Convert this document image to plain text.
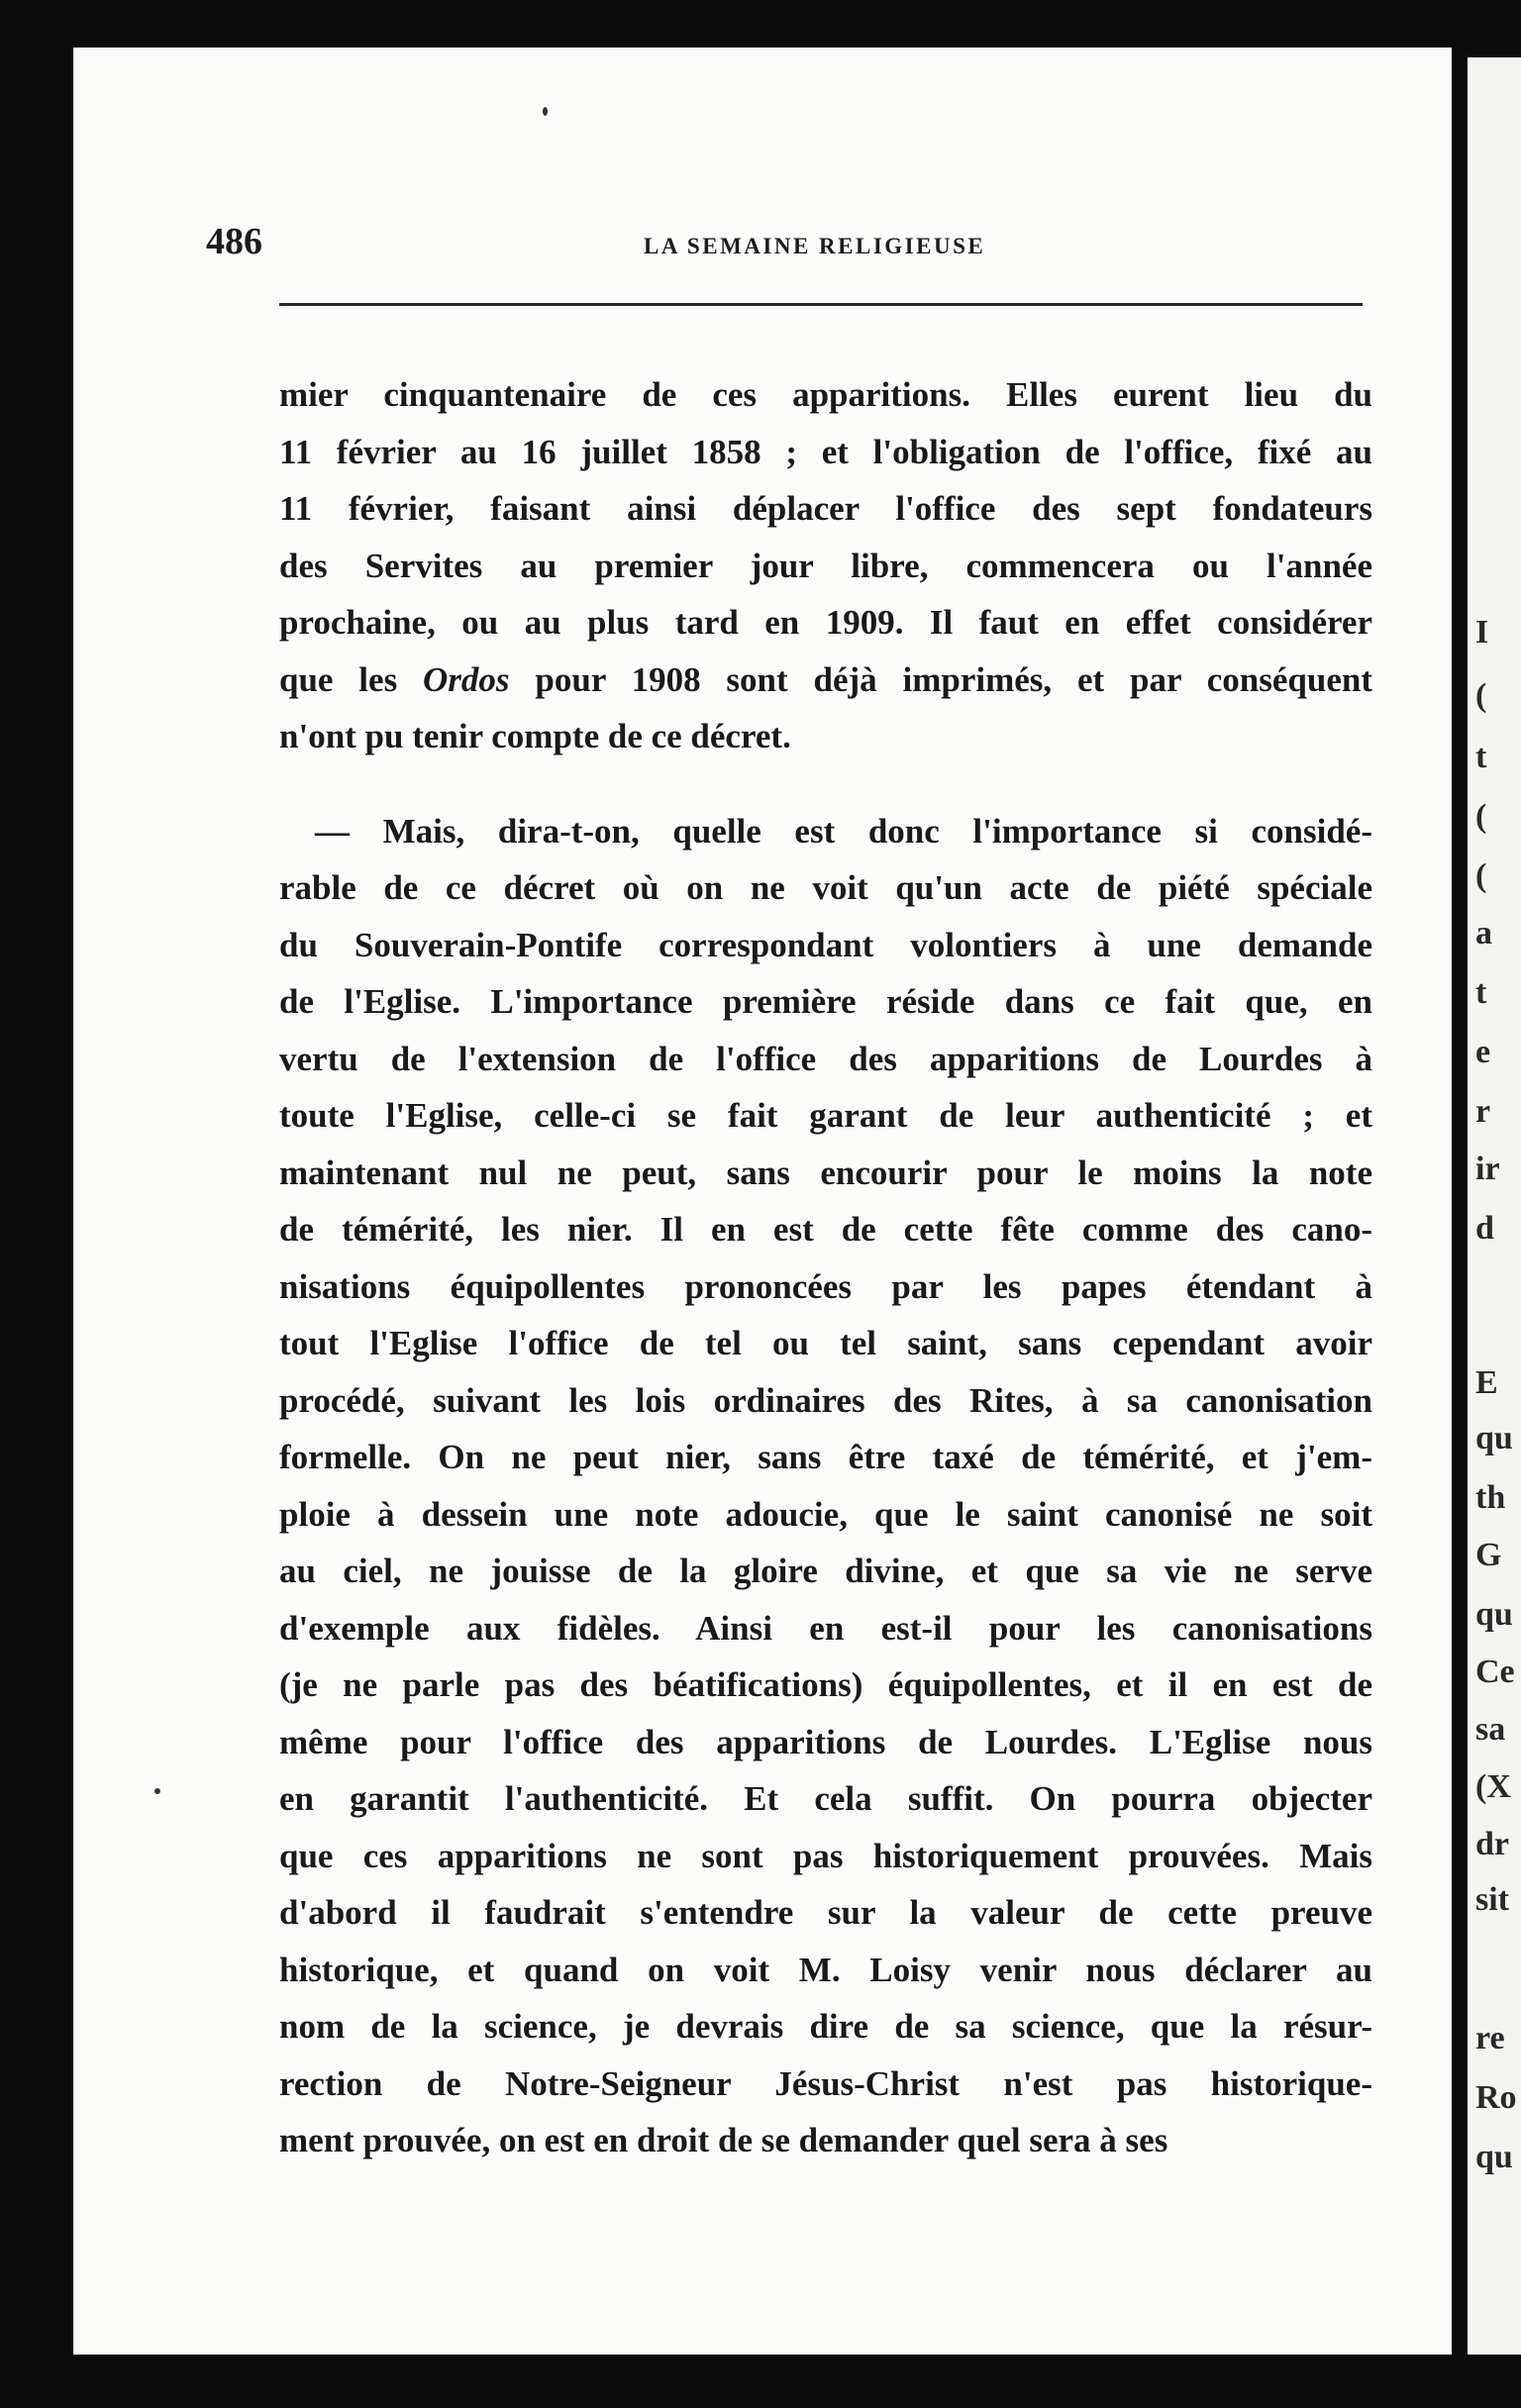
I
(
t
(
(
a
t
e
r
ir
d
E
qu
th
G
qu
Ce
sa
(X
dr
sit
re
Ro
qu
486	LA SEMAINE RELIGIEUSE
mier cinquantenaire de ces apparitions. Elles eurent lieu du
11 février au 16 juillet 1858 ; et l'obligation de l'office, fixé au
11 février, faisant ainsi déplacer l'office des sept fondateurs
des Servites au premier jour libre, commencera ou l'année
prochaine, ou au plus tard en 1909. Il faut en effet considérer
que les Ordos pour 1908 sont déjà imprimés, et par conséquent
n'ont pu tenir compte de ce décret.
— Mais, dira-t-on, quelle est donc l'importance si considé-
rable de ce décret où on ne voit qu'un acte de piété spéciale
du Souverain-Pontife correspondant volontiers à une demande
de l'Eglise. L'importance première réside dans ce fait que, en
vertu de l'extension de l'office des apparitions de Lourdes à
toute l'Eglise, celle-ci se fait garant de leur authenticité ; et
maintenant nul ne peut, sans encourir pour le moins la note
de témérité, les nier. Il en est de cette fête comme des cano-
nisations équipollentes prononcées par les papes étendant à
tout l'Eglise l'office de tel ou tel saint, sans cependant avoir
procédé, suivant les lois ordinaires des Rites, à sa canonisation
formelle. On ne peut nier, sans être taxé de témérité, et j'em-
ploie à dessein une note adoucie, que le saint canonisé ne soit
au ciel, ne jouisse de la gloire divine, et que sa vie ne serve
d'exemple aux fidèles. Ainsi en est-il pour les canonisations
(je ne parle pas des béatifications) équipollentes, et il en est de
même pour l'office des apparitions de Lourdes. L'Eglise nous
en garantit l'authenticité. Et cela suffit. On pourra objecter
que ces apparitions ne sont pas historiquement prouvées. Mais
d'abord il faudrait s'entendre sur la valeur de cette preuve
historique, et quand on voit M. Loisy venir nous déclarer au
nom de la science, je devrais dire de sa science, que la résur-
rection de Notre-Seigneur Jésus-Christ n'est pas historique-
ment prouvée, on est en droit de se demander quel sera à ses
